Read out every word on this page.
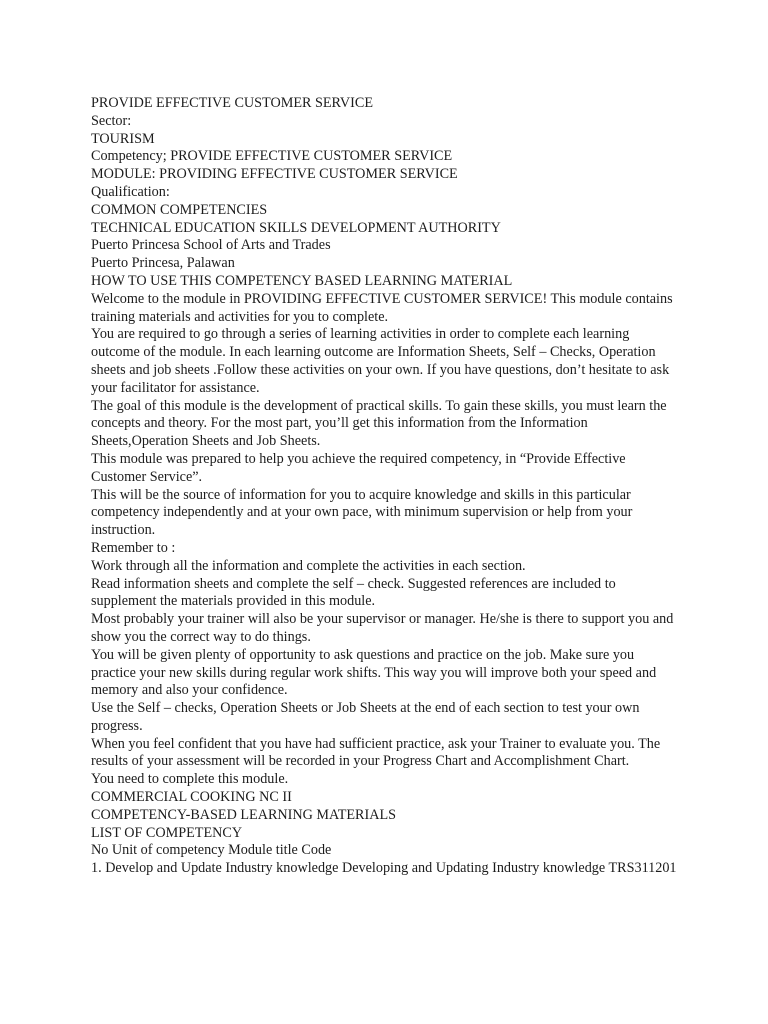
PROVIDE EFFECTIVE CUSTOMER SERVICE

Sector:

TOURISM

Competency; PROVIDE EFFECTIVE CUSTOMER SERVICE

MODULE: PROVIDING EFFECTIVE CUSTOMER SERVICE

Qualification:

COMMON COMPETENCIES

TECHNICAL EDUCATION SKILLS DEVELOPMENT AUTHORITY

Puerto Princesa School of Arts and Trades

Puerto Princesa, Palawan

HOW TO USE THIS COMPETENCY BASED LEARNING MATERIAL

Welcome to the module in PROVIDING EFFECTIVE CUSTOMER SERVICE! This module contains training materials and activities for you to complete.

You are required to go through a series of learning activities in order to complete each learning outcome of the module. In each learning outcome are Information Sheets, Self – Checks, Operation sheets and job sheets .Follow these activities on your own. If you have questions, don’t hesitate to ask your facilitator for assistance.

The goal of this module is the development of practical skills. To gain these skills, you must learn the concepts and theory. For the most part, you’ll get this information from the Information Sheets,Operation Sheets and Job Sheets.

This module was prepared to help you achieve the required competency, in “Provide Effective Customer Service”.

This will be the source of information for you to acquire knowledge and skills in this particular competency independently and at your own pace, with minimum supervision or help from your instruction.

Remember to :

Work through all the information and complete the activities in each section.

Read information sheets and complete the self – check. Suggested references are included to supplement the materials provided in this module.

Most probably your trainer will also be your supervisor or manager. He/she is there to support you and show you the correct way to do things.

You will be given plenty of opportunity to ask questions and practice on the job. Make sure you practice your new skills during regular work shifts. This way you will improve both your speed and memory and also your confidence.

Use the Self – checks, Operation Sheets or Job Sheets at the end of each section to test your own progress.

When you feel confident that you have had sufficient practice, ask your Trainer to evaluate you. The results of your assessment will be recorded in your Progress Chart and Accomplishment Chart.

You need to complete this module.

COMMERCIAL COOKING NC II

COMPETENCY-BASED LEARNING MATERIALS

LIST OF COMPETENCY

No Unit of competency Module title Code

1. Develop and Update Industry knowledge Developing and Updating Industry knowledge TRS311201
